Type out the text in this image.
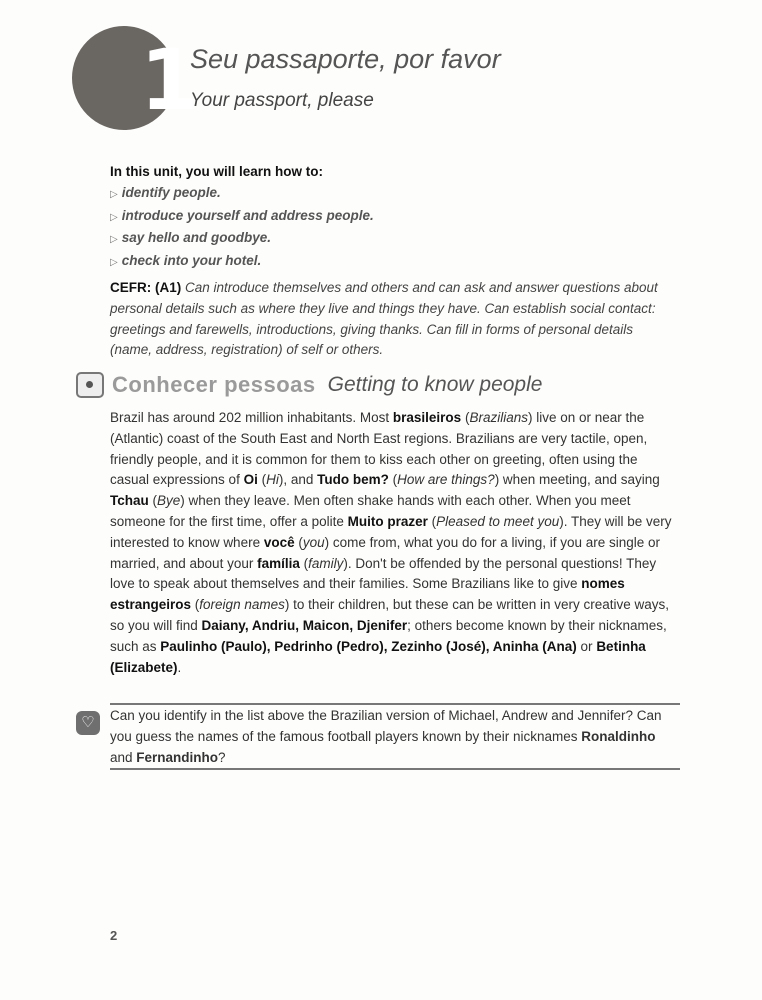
1
Seu passaporte, por favor
Your passport, please
In this unit, you will learn how to:
▷ identify people.
▷ introduce yourself and address people.
▷ say hello and goodbye.
▷ check into your hotel.
CEFR: (A1) Can introduce themselves and others and can ask and answer questions about personal details such as where they live and things they have. Can establish social contact: greetings and farewells, introductions, giving thanks. Can fill in forms of personal details (name, address, registration) of self or others.
Conhecer pessoas Getting to know people
Brazil has around 202 million inhabitants. Most brasileiros (Brazilians) live on or near the (Atlantic) coast of the South East and North East regions. Brazilians are very tactile, open, friendly people, and it is common for them to kiss each other on greeting, often using the casual expressions of Oi (Hi), and Tudo bem? (How are things?) when meeting, and saying Tchau (Bye) when they leave. Men often shake hands with each other. When you meet someone for the first time, offer a polite Muito prazer (Pleased to meet you). They will be very interested to know where você (you) come from, what you do for a living, if you are single or married, and about your família (family). Don't be offended by the personal questions! They love to speak about themselves and their families. Some Brazilians like to give nomes estrangeiros (foreign names) to their children, but these can be written in very creative ways, so you will find Daiany, Andriu, Maicon, Djenifer; others become known by their nicknames, such as Paulinho (Paulo), Pedrinho (Pedro), Zezinho (José), Aninha (Ana) or Betinha (Elizabete).
♡	Can you identify in the list above the Brazilian version of Michael, Andrew and Jennifer? Can you guess the names of the famous football players known by their nicknames Ronaldinho and Fernandinho?
2
